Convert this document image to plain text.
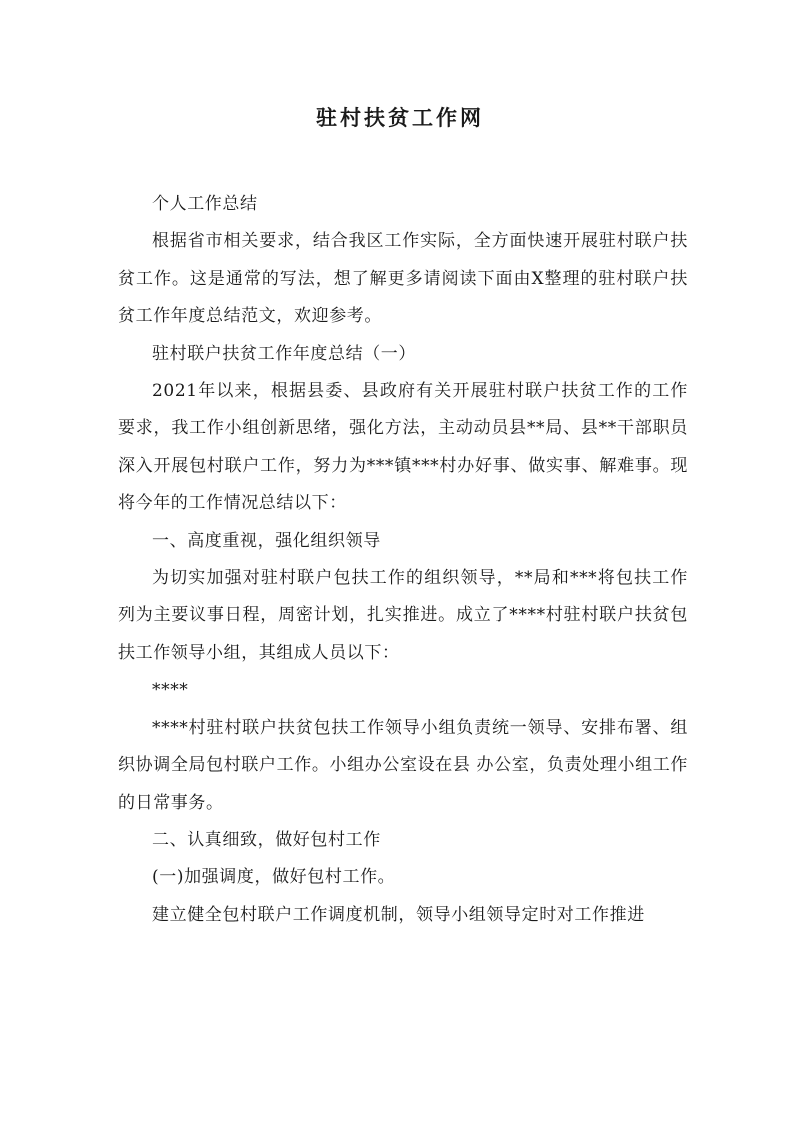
驻村扶贫工作网

个人工作总结

根据省市相关要求，结合我区工作实际，全方面快速开展驻村联户扶贫工作。这是通常的写法，想了解更多请阅读下面由X整理的驻村联户扶贫工作年度总结范文，欢迎参考。

驻村联户扶贫工作年度总结（一）

2021年以来，根据县委、县政府有关开展驻村联户扶贫工作的工作要求，我工作小组创新思绪，强化方法，主动动员县**局、县**干部职员深入开展包村联户工作，努力为***镇***村办好事、做实事、解难事。现将今年的工作情况总结以下：

一、高度重视，强化组织领导

为切实加强对驻村联户包扶工作的组织领导，**局和***将包扶工作列为主要议事日程，周密计划，扎实推进。成立了****村驻村联户扶贫包扶工作领导小组，其组成人员以下：

****

****村驻村联户扶贫包扶工作领导小组负责统一领导、安排布署、组织协调全局包村联户工作。小组办公室设在县 办公室，负责处理小组工作的日常事务。

二、认真细致，做好包村工作

(一)加强调度，做好包村工作。

建立健全包村联户工作调度机制，领导小组领导定时对工作推进
